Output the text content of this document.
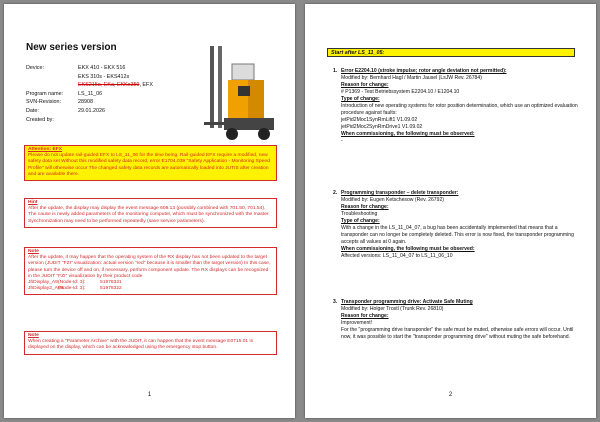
New series version
Device:	EKX 410 - EKX 516
EKS 310s - EKS412s
EKS215a, EKa, EKKs350 , EFX
Program name:	LS_11_06
SVN-Revision:	28908
Date:	29.01.2026
Created by:
Attention: EFX
Please do not update rail-guided EFX to LS_11_06 for the time being. Rail-guided EFX require a modified, new safety data set Without this modified safety data record, error E1704.039 "Safety Application - Monitoring Speed Profile" will otherwise occur The changed safety data records are automatically loaded into JUTIS after creation and are available there.
Hint
After the update, the display may display the event message 608.13 (possibly combined with 701.50, 701.54). The cause is newly added parameters of the monitoring computer, which must be synchronized with the master. Synchronization may need to be performed repeatedly (save service parameters).
Note
After the update, it may happen that the operating system of the RX display has not been updated to the target version (JUDIT "FZI" visualization: actual version "red" because it is smaller than the target version) In this case, please turn the device off and on, if necessary, perform component update. The RX displays can be recognized in the JUDIT "FZI" visualization by their product code
JhDisplay_A9 (Node-Id: 3):	51978321
JhDisplay2_A9X
(Node-Id: 3):	51978322
Note
When creating a "Parameter Archive" with the JUDIT, it can happen that the event message E0715.01 is displayed on the display, which can be acknowledged using the emergency stop button.
1
Start after LS_11_05:
1. Error E2204.10 (stroke impulse; rotor angle deviation not permitted):
Modified by: Bernhard Hagl / Martin Jausel (LsJW Rev. 26784)
Reason for change:
# P1369 - Test Betriebssystem E2204.10 / E1204.10
Type of change:
Introduction of new operating systems for rotor position determination, which use an optimized evaluation procedure against faults:
jetPid2Moc1SynRmLift1 V1.09.02
jetPid2Moc2SynRmDrive1 V1.09.02
When commissioning, the following must be observed:
-
2. Programming transponder – delete transponder:
Modified by: Eugen Ketschesow (Rev. 26792)
Reason for change:
Troubleshooting
Type of change:
With a change in the LS_11_04_07, a bug has been accidentally implemented that means that a transponder can no longer be completely deleted. This error is now fixed, the transponder programming accepts all values at 0 again.
When commissioning, the following must be observed:
Affected versions: LS_11_04_07 to LS_11_06_10
3. Transponder programming drive: Activate Safe Muting
Modified by: Holger Trostl (Trunk Rev. 26810)
Reason for change:
Improvement!
For the "programming drive transponder" the safe must be muted, otherwise safe errors will occur. Until now, it was possible to start the "transponder programming drive" without muting the safe beforehand.
2
